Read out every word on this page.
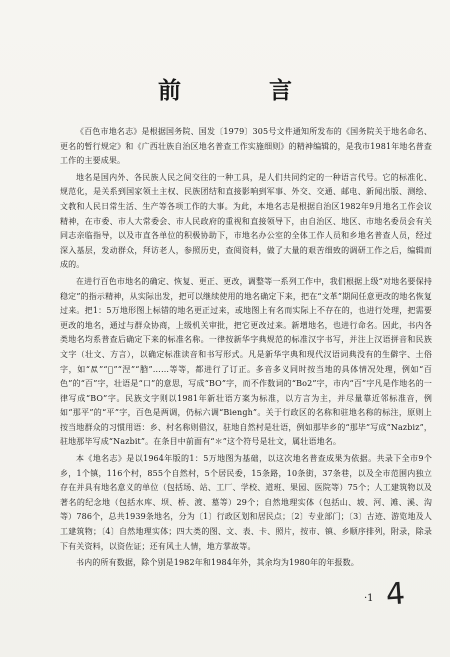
前 言

《百色市地名志》是根据国务院、国发〔1979〕305号文件通知所发布的《国务院关于地名命名、更名的暂行规定》和《广西壮族自治区地名普查工作实施细则》的精神编辑的，是我市1981年地名普查工作的主要成果。

地名是国内外、各民族人民之间交往的一种工具，是人们共同约定的一种语言代号。它的标准化、规范化，是关系到国家领土主权、民族团结和直接影响到军事、外交、交通、邮电、新闻出版、测绘、文教和人民日常生活、生产等各项工作的大事。为此，本地名志是根据自治区1982年9月地名工作会议精神，在市委、市人大常委会、市人民政府的重视和直接领导下，由自治区、地区、市地名委员会有关同志亲临指导，以及市直各单位的积极协助下，市地名办公室的全体工作人员和乡地名普查人员，经过深入基层，发动群众，拜访老人，参照历史，查阅资料，做了大量的艰苦细致的调研工作之后，编辑而成的。

在进行百色市地名的确定、恢复、更正、更改，调整等一系列工作中，我们根据上级“对地名要保持稳定”的指示精神，从实际出发，把可以继续使用的地名确定下来，把在“文革”期间任意更改的地名恢复过来。把1：5万地形图上标错的地名更正过来，或地图上有名而实际上不存在的，也进行处理，把需要更改的地名，通过与群众协商，上级机关审批，把它更改过来。新增地名，也进行命名。因此，书内各类地名均系普查后确定下来的标准名称。一律按新华字典规范的标准汉字书写，并注上汉语拼音和民族文字（壮文、方言），以确定标准读音和书写形式。凡是新华字典和现代汉语词典没有的生僻字、土俗字，如“𪨊”“𪩲”“𣵀”“𦛚”……等等，都进行了订正。多音多义同时按当地的具体情况处理，例如“百色”的“百”字，壮语是“口”的意思，写成“BO”字，而不作数词的“Bo2”字，市内“百”字凡是作地名的一律写成“BO”字。民族文字则以1981年新壮语方案为标准，以方言为主，并尽量靠近邻标准音，例如“那平”的“平”字，百色是两调，仍标六调“Biengh”。关于行政区的名称和驻地名称的标注，原则上按当地群众的习惯用语：乡、村名称则借汉，驻地自然村是壮语，例如那毕乡的“那毕”写成“Nazbiz”，驻地那毕写成“Nazbit”。在条目中前面有“＊”这个符号是壮文，属壮语地名。

本《地名志》是以1964年版的1：5万地图为基础，以这次地名普查成果为依据。共录下全市9个乡，1个镇，116个村，855个自然村，5个居民委，15条路，10条街，37条巷，以及全市范围内独立存在并具有地名意义的单位（包括场、站、工厂、学校、道班、果园、医院等）75个；人工建筑物以及著名的纪念地（包括水库、坝、桥、渡、墓等）29个；自然地理实体（包括山、坡、河、滩、溪、沟等）786个，总共1939条地名，分为〔1〕行政区划和居民点；〔2〕专业部门；〔3〕古迹、游览地及人工建筑物；〔4〕自然地理实体；四大类的图、文、表、卡、照片，按市、镇、乡顺序排列，附录，除录下有关资料，以资佐证；还有风土人情，地方掌故等。

书内的所有数据，除个别是1982年和1984年外，其余均为1980年的年报数。

·1 4
